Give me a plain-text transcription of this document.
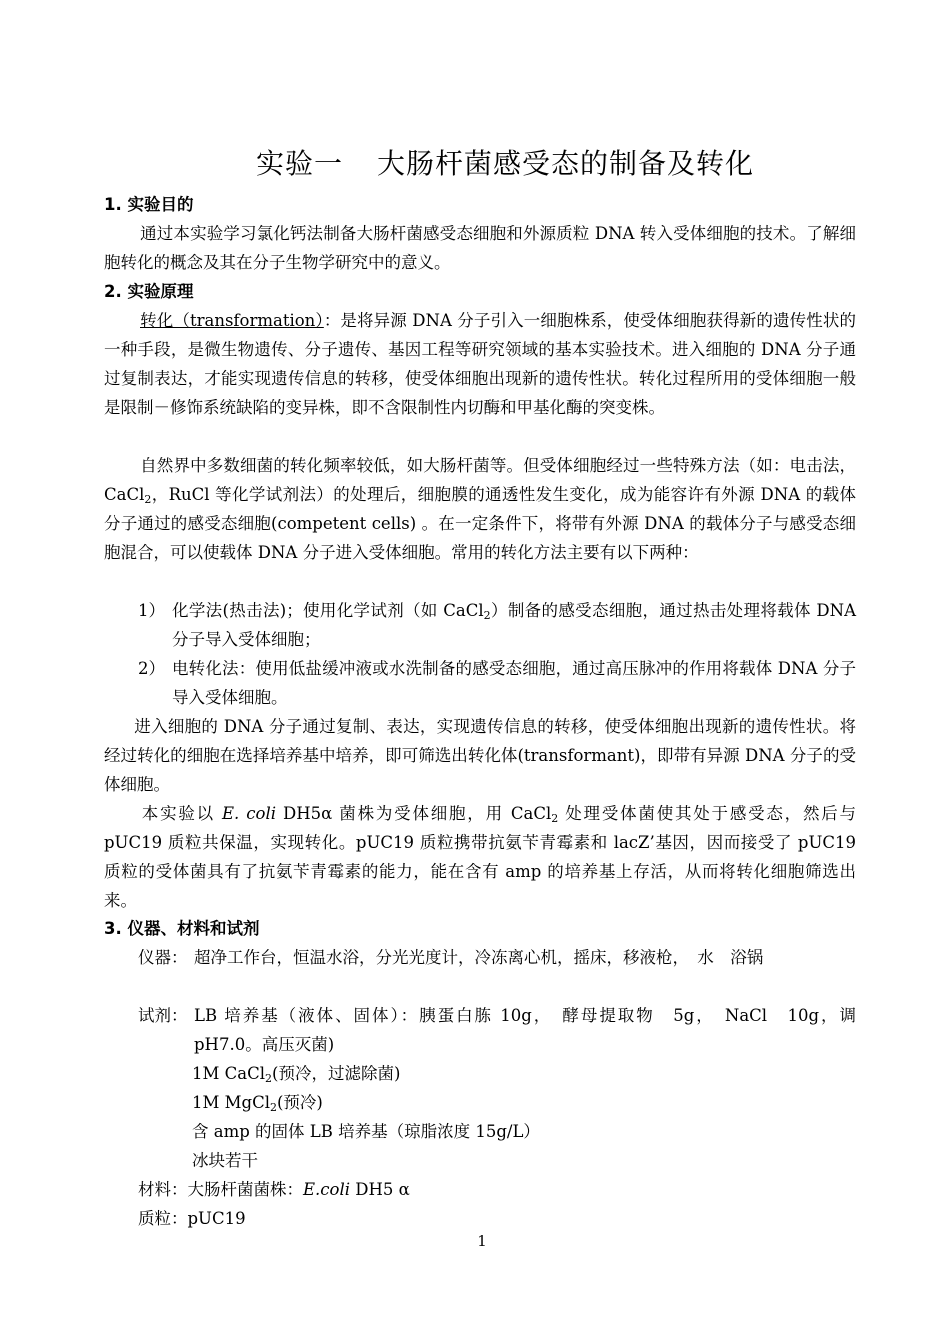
实验一 大肠杆菌感受态的制备及转化
1. 实验目的
通过本实验学习氯化钙法制备大肠杆菌感受态细胞和外源质粒 DNA 转入受体细胞的技术。了解细胞转化的概念及其在分子生物学研究中的意义。
2. 实验原理
转化（transformation）：是将异源 DNA 分子引入一细胞株系，使受体细胞获得新的遗传性状的一种手段，是微生物遗传、分子遗传、基因工程等研究领域的基本实验技术。进入细胞的 DNA 分子通过复制表达，才能实现遗传信息的转移，使受体细胞出现新的遗传性状。转化过程所用的受体细胞一般是限制－修饰系统缺陷的变异株，即不含限制性内切酶和甲基化酶的突变株。
自然界中多数细菌的转化频率较低，如大肠杆菌等。但受体细胞经过一些特殊方法（如：电击法，CaCl$_2$，RuCl 等化学试剂法）的处理后，细胞膜的通透性发生变化，成为能容许有外源 DNA 的载体分子通过的感受态细胞(competent cells) 。在一定条件下，将带有外源 DNA 的载体分子与感受态细胞混合，可以使载体 DNA 分子进入受体细胞。常用的转化方法主要有以下两种：
1） 化学法(热击法)；使用化学试剂（如 CaCl$_2$）制备的感受态细胞，通过热击处理将载体 DNA 分子导入受体细胞；
2） 电转化法：使用低盐缓冲液或水洗制备的感受态细胞，通过高压脉冲的作用将载体 DNA 分子导入受体细胞。
进入细胞的 DNA 分子通过复制、表达，实现遗传信息的转移，使受体细胞出现新的遗传性状。将经过转化的细胞在选择培养基中培养，即可筛选出转化体(transformant)，即带有异源 DNA 分子的受体细胞。
本实验以 E. coli DH5α 菌株为受体细胞，用 CaCl$_2$ 处理受体菌使其处于感受态，然后与 pUC19 质粒共保温，实现转化。pUC19 质粒携带抗氨苄青霉素和 lacZ’基因，因而接受了 pUC19 质粒的受体菌具有了抗氨苄青霉素的能力，能在含有 amp 的培养基上存活，从而将转化细胞筛选出来。
3. 仪器、材料和试剂
仪器： 超净工作台，恒温水浴，分光光度计，冷冻离心机，摇床，移液枪，　水　浴锅
试剂： LB 培养基（液体、固体）：胰蛋白胨 10g，　酵母提取物　5g，　NaCl　10g，调 pH7.0。高压灭菌)
1M CaCl$_2$(预冷，过滤除菌)
1M MgCl$_2$(预冷)
含 amp 的固体 LB 培养基（琼脂浓度 15g/L）
冰块若干
材料：大肠杆菌菌株：E.coli DH5 α
质粒：pUC19
1
